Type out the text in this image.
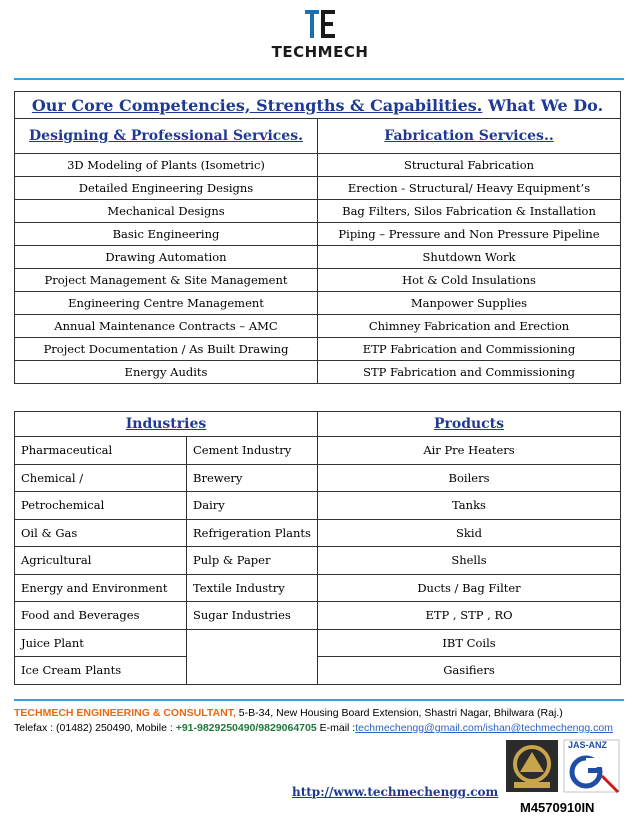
TECHMECH
Our Core Competencies, Strengths & Capabilities. What We Do.	
Designing & Professional Services.	Fabrication Services..
3D Modeling of Plants (Isometric)	Structural Fabrication
Detailed Engineering Designs	Erection - Structural/ Heavy Equipment’s
Mechanical Designs	Bag Filters, Silos Fabrication & Installation
Basic Engineering	Piping – Pressure and Non Pressure Pipeline
Drawing Automation	Shutdown Work
Project Management & Site Management	Hot & Cold Insulations
Engineering Centre Management	Manpower Supplies
Annual Maintenance Contracts – AMC	Chimney Fabrication and Erection
Project Documentation / As Built Drawing	ETP Fabrication and Commissioning
Energy Audits	STP Fabrication and Commissioning
Industries		Products
Pharmaceutical	Cement Industry	Air Pre Heaters
Chemical /	Brewery	Boilers
Petrochemical	Dairy	Tanks
Oil & Gas	Refrigeration Plants	Skid
Agricultural	Pulp & Paper	Shells
Energy and Environment	Textile Industry	Ducts / Bag Filter
Food and Beverages	Sugar Industries	ETP , STP , RO
Juice Plant		IBT Coils
Ice Cream Plants		Gasifiers
TECHMECH ENGINEERING & CONSULTANT, 5-B-34, New Housing Board Extension, Shastri Nagar, Bhilwara (Raj.)
Telefax : (01482) 250490, Mobile : +91-9829250490/9829064705 E-mail :techmechengg@gmail.com/ishan@techmechengg.com
JAS-ANZ
http://www.techmechengg.com
M4570910IN
